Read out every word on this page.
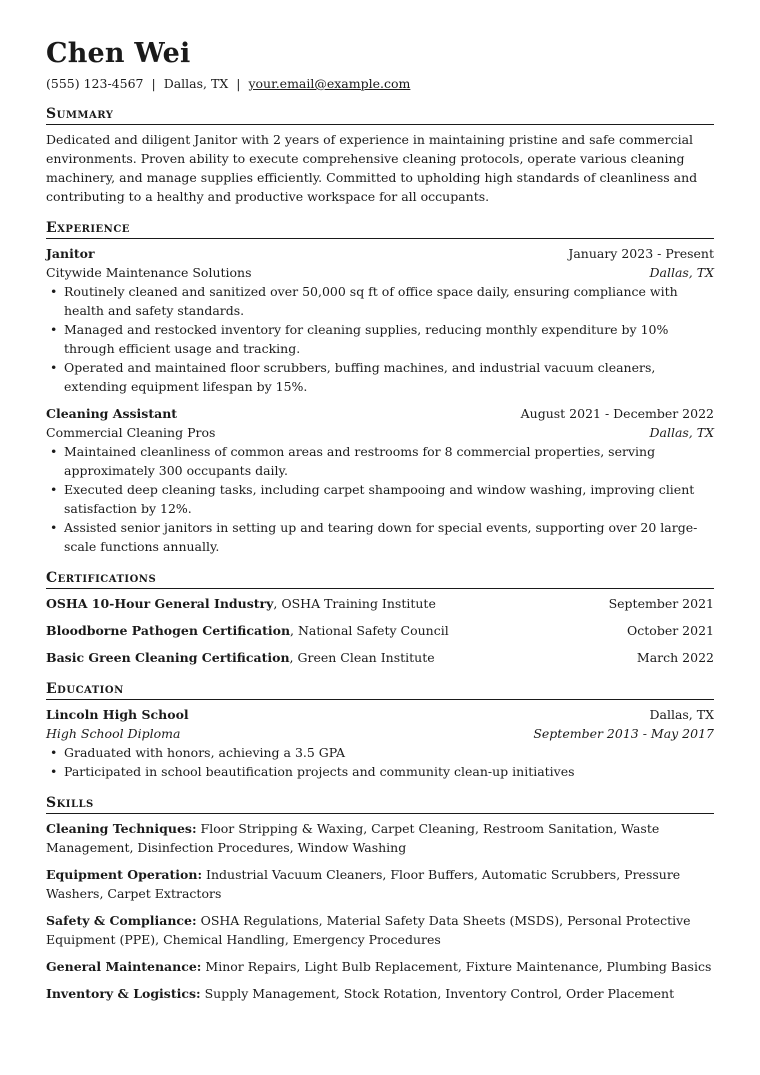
Chen Wei
(555) 123-4567 | Dallas, TX | your.email@example.com
Summary

Dedicated and diligent Janitor with 2 years of experience in maintaining pristine and safe commercial environments. Proven ability to execute comprehensive cleaning protocols, operate various cleaning machinery, and manage supplies efficiently. Committed to upholding high standards of cleanliness and contributing to a healthy and productive workspace for all occupants.

Experience
Janitor	January 2023 - Present
Citywide Maintenance Solutions	Dallas, TX
• Routinely cleaned and sanitized over 50,000 sq ft of office space daily, ensuring compliance with health and safety standards.
• Managed and restocked inventory for cleaning supplies, reducing monthly expenditure by 10% through efficient usage and tracking.
• Operated and maintained floor scrubbers, buffing machines, and industrial vacuum cleaners, extending equipment lifespan by 15%.
Cleaning Assistant	August 2021 - December 2022
Commercial Cleaning Pros	Dallas, TX
• Maintained cleanliness of common areas and restrooms for 8 commercial properties, serving approximately 300 occupants daily.
• Executed deep cleaning tasks, including carpet shampooing and window washing, improving client satisfaction by 12%.
• Assisted senior janitors in setting up and tearing down for special events, supporting over 20 large-scale functions annually.
Certifications
OSHA 10-Hour General Industry, OSHA Training Institute	September 2021
Bloodborne Pathogen Certification, National Safety Council	October 2021
Basic Green Cleaning Certification, Green Clean Institute	March 2022
Education
Lincoln High School	Dallas, TX
High School Diploma	September 2013 - May 2017
• Graduated with honors, achieving a 3.5 GPA
• Participated in school beautification projects and community clean-up initiatives
Skills

Cleaning Techniques: Floor Stripping & Waxing, Carpet Cleaning, Restroom Sanitation, Waste Management, Disinfection Procedures, Window Washing

Equipment Operation: Industrial Vacuum Cleaners, Floor Buffers, Automatic Scrubbers, Pressure Washers, Carpet Extractors

Safety & Compliance: OSHA Regulations, Material Safety Data Sheets (MSDS), Personal Protective Equipment (PPE), Chemical Handling, Emergency Procedures

General Maintenance: Minor Repairs, Light Bulb Replacement, Fixture Maintenance, Plumbing Basics

Inventory & Logistics: Supply Management, Stock Rotation, Inventory Control, Order Placement
